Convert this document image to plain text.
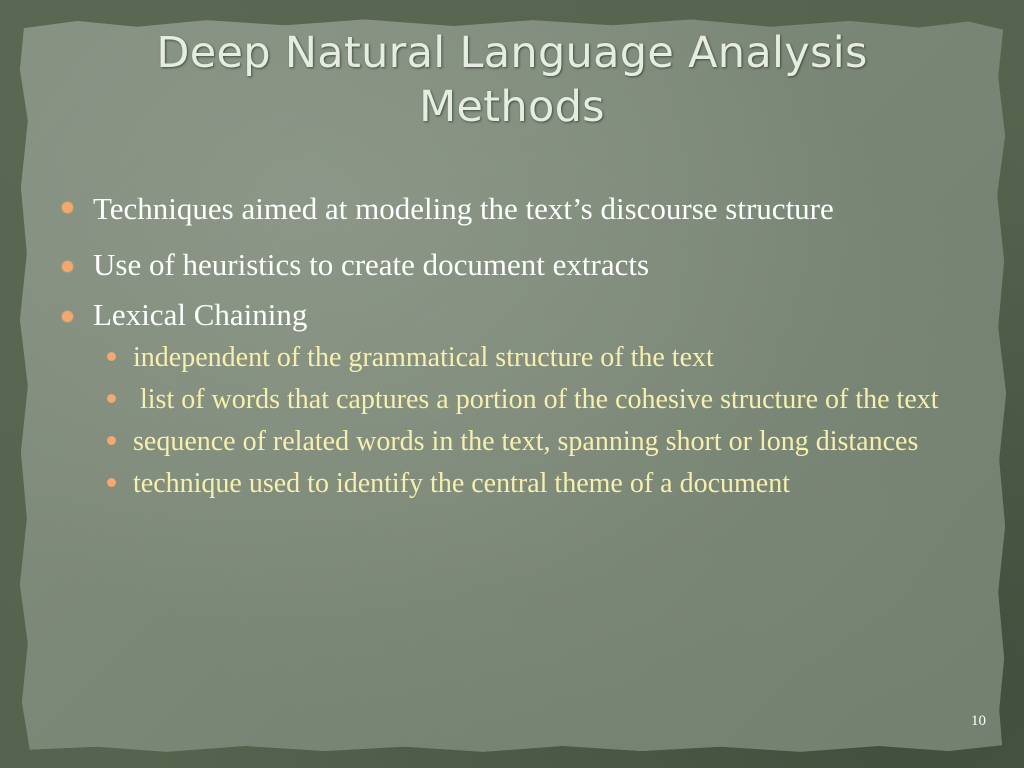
Deep Natural Language Analysis
Methods
Techniques aimed at modeling the text’s discourse structure
Use of heuristics to create document extracts
Lexical Chaining
independent of the grammatical structure of the text
list of words that captures a portion of the cohesive structure of the text
sequence of related words in the text, spanning short or long distances
technique used to identify the central theme of a document
10
